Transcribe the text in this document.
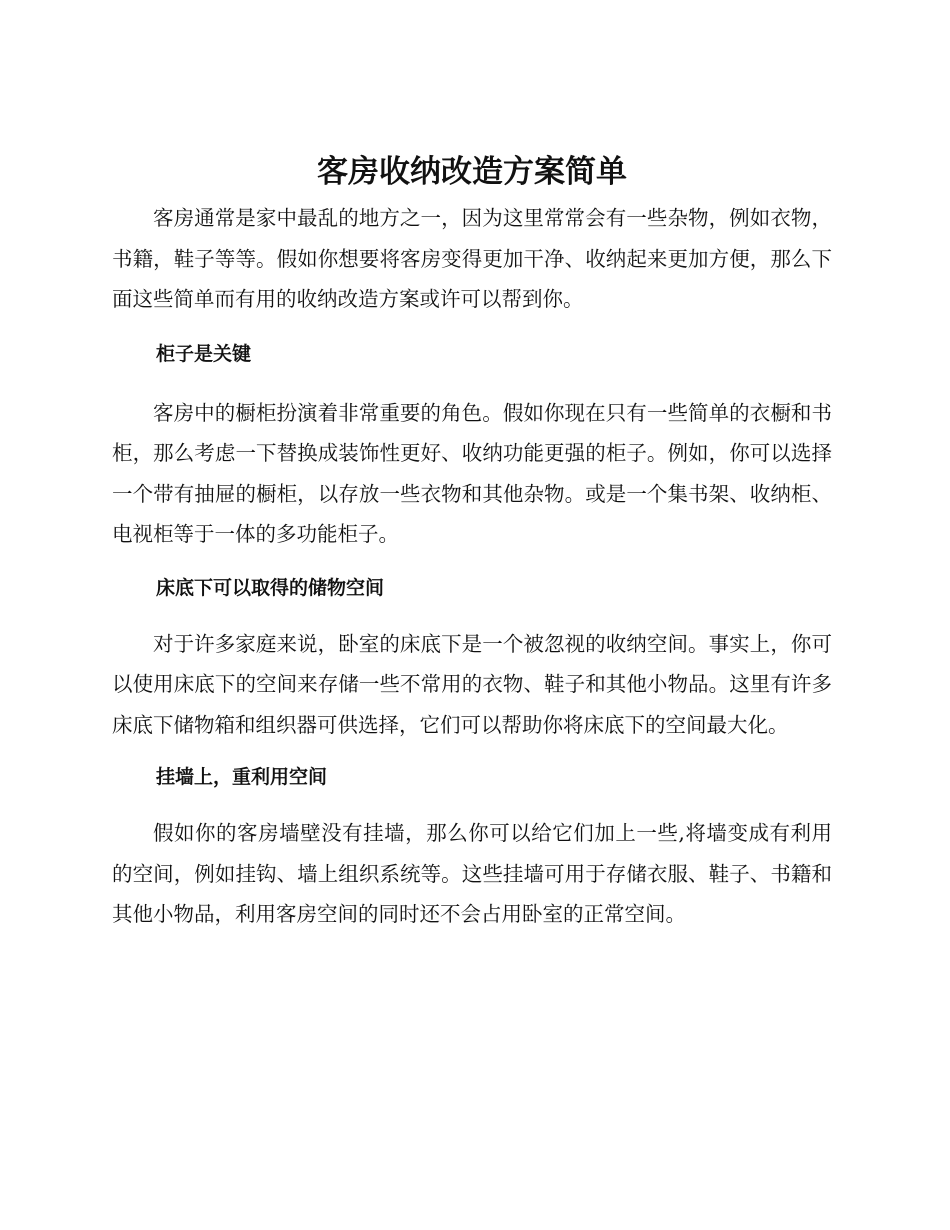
客房收纳改造方案简单

客房通常是家中最乱的地方之一，因为这里常常会有一些杂物，例如衣物，书籍，鞋子等等。假如你想要将客房变得更加干净、收纳起来更加方便，那么下面这些简单而有用的收纳改造方案或许可以帮到你。

柜子是关键

客房中的橱柜扮演着非常重要的角色。假如你现在只有一些简单的衣橱和书柜，那么考虑一下替换成装饰性更好、收纳功能更强的柜子。例如，你可以选择一个带有抽屉的橱柜，以存放一些衣物和其他杂物。或是一个集书架、收纳柜、电视柜等于一体的多功能柜子。

床底下可以取得的储物空间

对于许多家庭来说，卧室的床底下是一个被忽视的收纳空间。事实上，你可以使用床底下的空间来存储一些不常用的衣物、鞋子和其他小物品。这里有许多床底下储物箱和组织器可供选择，它们可以帮助你将床底下的空间最大化。

挂墙上，重利用空间

假如你的客房墙壁没有挂墙，那么你可以给它们加上一些,将墙变成有利用的空间，例如挂钩、墙上组织系统等。这些挂墙可用于存储衣服、鞋子、书籍和其他小物品，利用客房空间的同时还不会占用卧室的正常空间。
